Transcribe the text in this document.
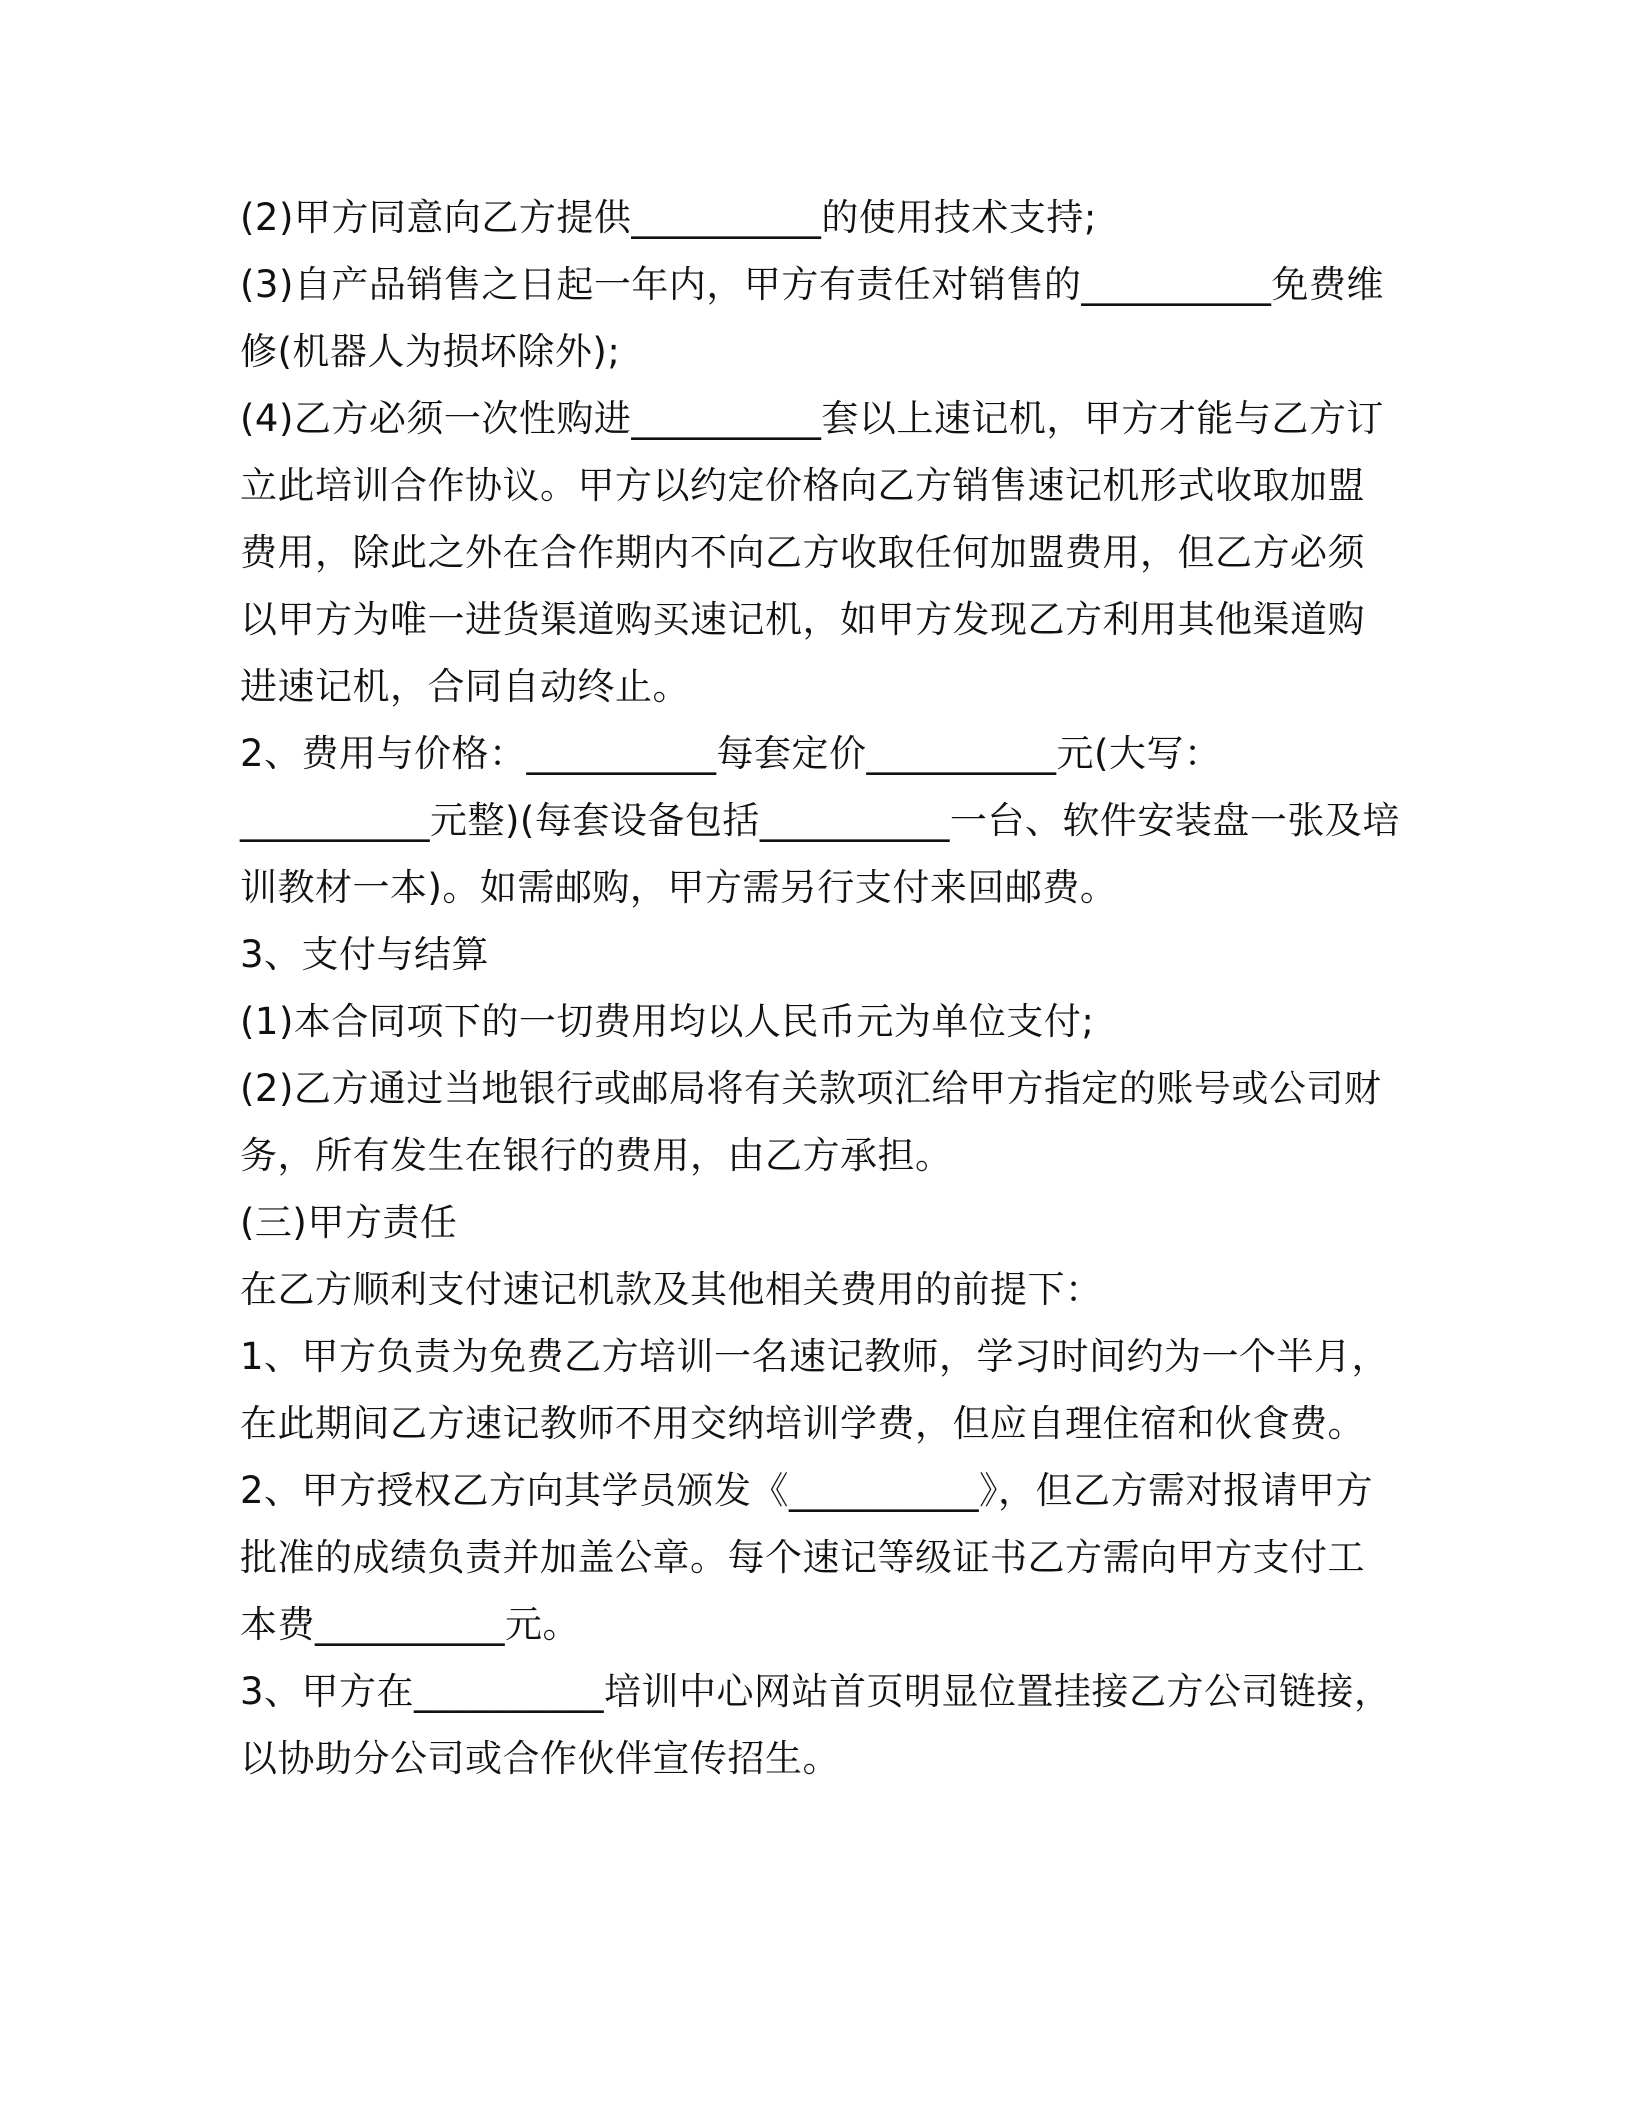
(2)甲方同意向乙方提供__________的使用技术支持;
(3)自产品销售之日起一年内，甲方有责任对销售的__________免费维
修(机器人为损坏除外);
(4)乙方必须一次性购进__________套以上速记机，甲方才能与乙方订
立此培训合作协议。甲方以约定价格向乙方销售速记机形式收取加盟
费用，除此之外在合作期内不向乙方收取任何加盟费用，但乙方必须
以甲方为唯一进货渠道购买速记机，如甲方发现乙方利用其他渠道购
进速记机，合同自动终止。
2、费用与价格：__________每套定价__________元(大写：
__________元整)(每套设备包括__________一台、软件安装盘一张及培
训教材一本)。如需邮购，甲方需另行支付来回邮费。
3、支付与结算
(1)本合同项下的一切费用均以人民币元为单位支付;
(2)乙方通过当地银行或邮局将有关款项汇给甲方指定的账号或公司财
务，所有发生在银行的费用，由乙方承担。
(三)甲方责任
在乙方顺利支付速记机款及其他相关费用的前提下：
1、甲方负责为免费乙方培训一名速记教师，学习时间约为一个半月，
在此期间乙方速记教师不用交纳培训学费，但应自理住宿和伙食费。
2、甲方授权乙方向其学员颁发《__________》，但乙方需对报请甲方
批准的成绩负责并加盖公章。每个速记等级证书乙方需向甲方支付工
本费__________元。
3、甲方在__________培训中心网站首页明显位置挂接乙方公司链接，
以协助分公司或合作伙伴宣传招生。
